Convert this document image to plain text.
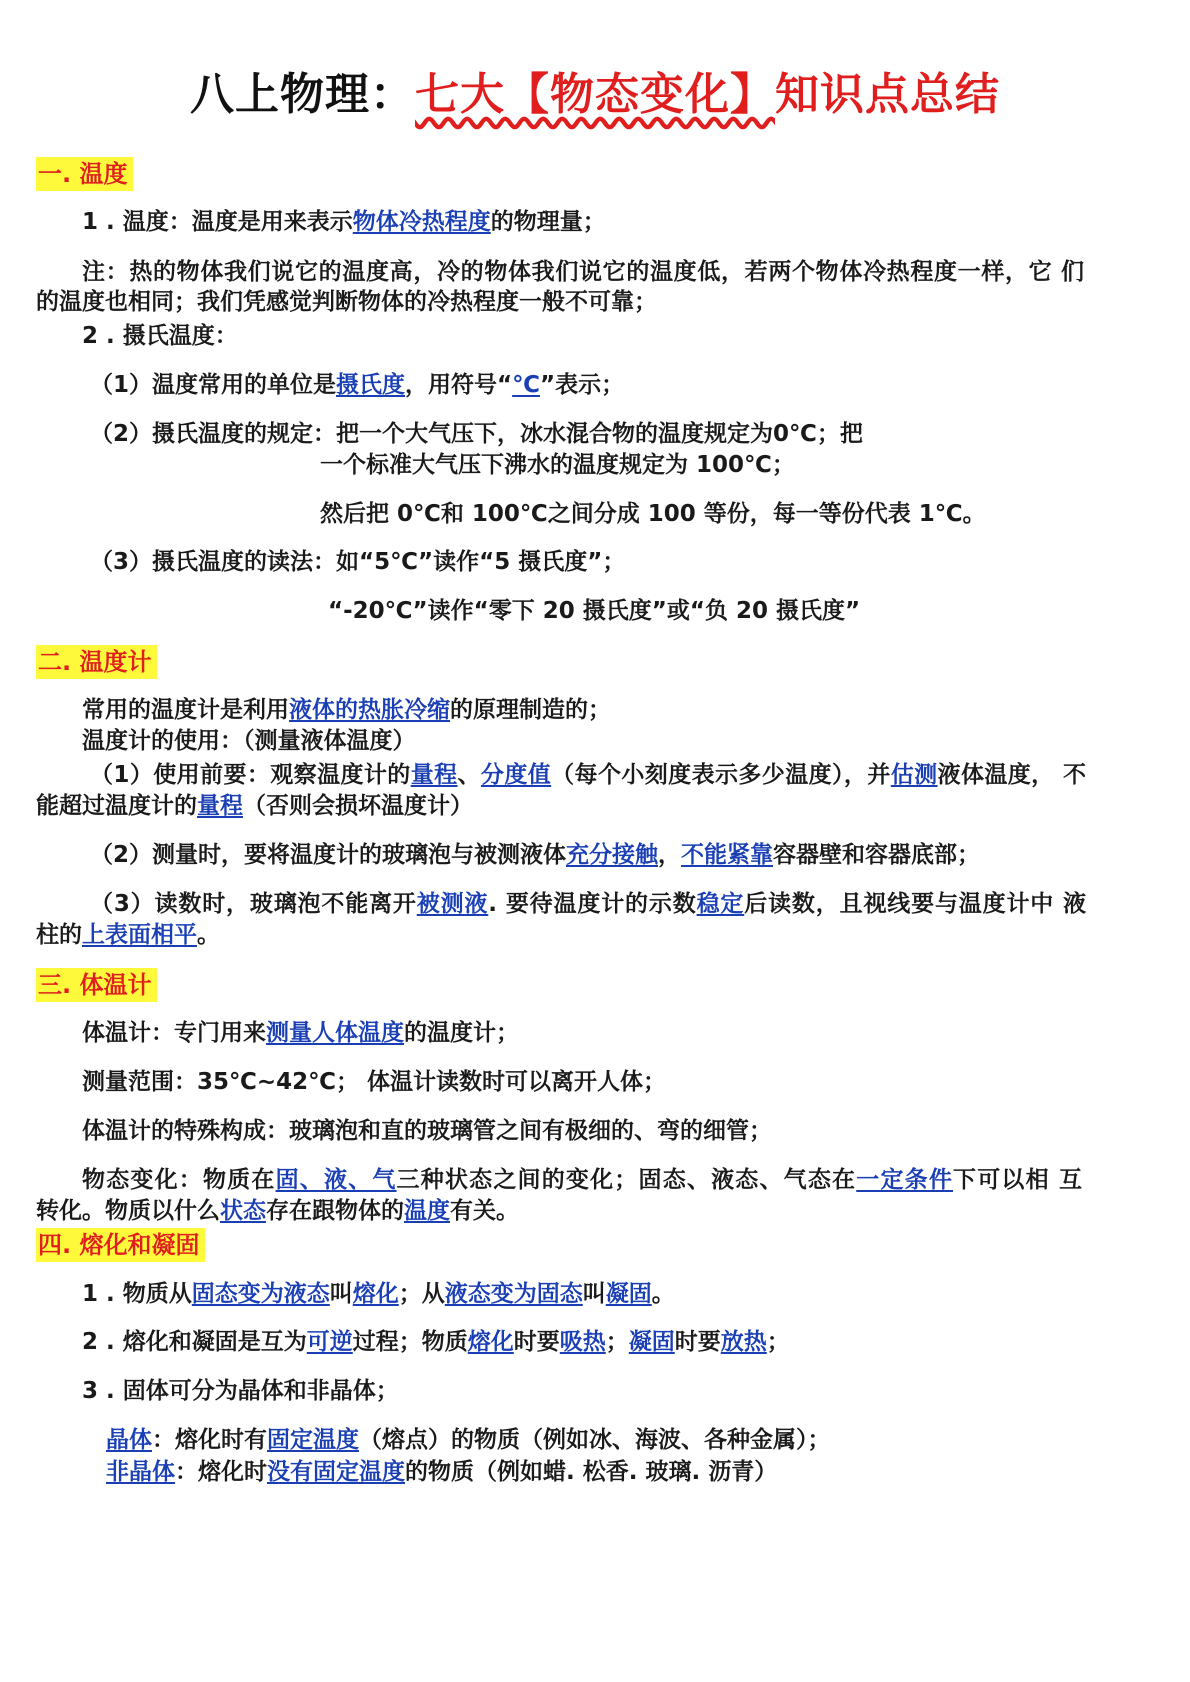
八上物理：七大【物态变化】知识点总结
一. 温度
1 . 温度：温度是用来表示物体冷热程度的物理量；
注：热的物体我们说它的温度高，冷的物体我们说它的温度低，若两个物体冷热程度一样，它 们
的温度也相同；我们凭感觉判断物体的冷热程度一般不可靠；
2 . 摄氏温度：
（1）温度常用的单位是摄氏度，用符号“℃”表示；
（2）摄氏温度的规定：把一个大气压下，冰水混合物的温度规定为0℃；把
一个标准大气压下沸水的温度规定为 100℃；
然后把 0℃和 100℃之间分成 100 等份，每一等份代表 1℃。
（3）摄氏温度的读法：如“5℃”读作“5 摄氏度”；
“-20℃”读作“零下 20 摄氏度”或“负 20 摄氏度”
二. 温度计
常用的温度计是利用液体的热胀冷缩的原理制造的；
温度计的使用：（测量液体温度）
（1）使用前要：观察温度计的量程、分度值（每个小刻度表示多少温度），并估测液体温度， 不
能超过温度计的量程（否则会损坏温度计）
（2）测量时，要将温度计的玻璃泡与被测液体充分接触，不能紧靠容器壁和容器底部；
（3）读数时，玻璃泡不能离开被测液. 要待温度计的示数稳定后读数，且视线要与温度计中 液
柱的上表面相平。
三. 体温计
体温计：专门用来测量人体温度的温度计；
测量范围：35℃~42℃； 体温计读数时可以离开人体；
体温计的特殊构成：玻璃泡和直的玻璃管之间有极细的、弯的细管；
物态变化：物质在固、液、气三种状态之间的变化；固态、液态、气态在一定条件下可以相 互
转化。物质以什么状态存在跟物体的温度有关。
四. 熔化和凝固
1 . 物质从固态变为液态叫熔化；从液态变为固态叫凝固。
2 . 熔化和凝固是互为可逆过程；物质熔化时要吸热；凝固时要放热；
3 . 固体可分为晶体和非晶体；
晶体：熔化时有固定温度（熔点）的物质（例如冰、海波、各种金属）；
非晶体：熔化时没有固定温度的物质（例如蜡. 松香. 玻璃. 沥青）
